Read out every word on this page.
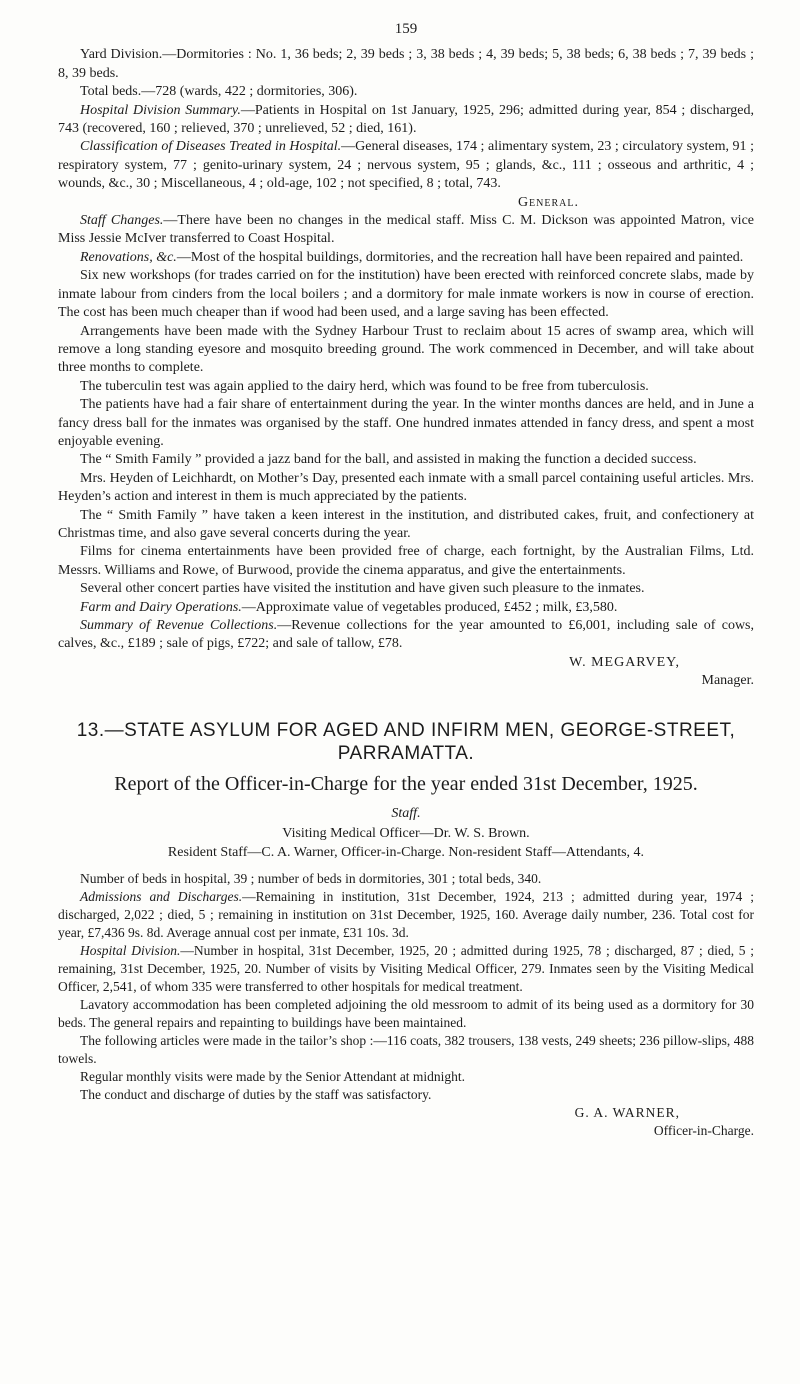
159

Yard Division.—Dormitories : No. 1, 36 beds; 2, 39 beds ; 3, 38 beds ; 4, 39 beds; 5, 38 beds; 6, 38 beds ; 7, 39 beds ; 8, 39 beds.

Total beds.—728 (wards, 422 ; dormitories, 306).

Hospital Division Summary.—Patients in Hospital on 1st January, 1925, 296; admitted during year, 854 ; discharged, 743 (recovered, 160 ; relieved, 370 ; unrelieved, 52 ; died, 161).

Classification of Diseases Treated in Hospital.—General diseases, 174 ; alimentary system, 23 ; circulatory system, 91 ; respiratory system, 77 ; genito-urinary system, 24 ; nervous system, 95 ; glands, &c., 111 ; osseous and arthritic, 4 ; wounds, &c., 30 ; Miscellaneous, 4 ; old-age, 102 ; not specified, 8 ; total, 743.

General.

Staff Changes.—There have been no changes in the medical staff. Miss C. M. Dickson was appointed Matron, vice Miss Jessie McIver transferred to Coast Hospital.

Renovations, &c.—Most of the hospital buildings, dormitories, and the recreation hall have been repaired and painted.

Six new workshops (for trades carried on for the institution) have been erected with reinforced concrete slabs, made by inmate labour from cinders from the local boilers ; and a dormitory for male inmate workers is now in course of erection. The cost has been much cheaper than if wood had been used, and a large saving has been effected.

Arrangements have been made with the Sydney Harbour Trust to reclaim about 15 acres of swamp area, which will remove a long standing eyesore and mosquito breeding ground. The work commenced in December, and will take about three months to complete.

The tuberculin test was again applied to the dairy herd, which was found to be free from tuberculosis.

The patients have had a fair share of entertainment during the year. In the winter months dances are held, and in June a fancy dress ball for the inmates was organised by the staff. One hundred inmates attended in fancy dress, and spent a most enjoyable evening.

The “ Smith Family ” provided a jazz band for the ball, and assisted in making the function a decided success.

Mrs. Heyden of Leichhardt, on Mother’s Day, presented each inmate with a small parcel containing useful articles. Mrs. Heyden’s action and interest in them is much appreciated by the patients.

The “ Smith Family ” have taken a keen interest in the institution, and distributed cakes, fruit, and confectionery at Christmas time, and also gave several concerts during the year.

Films for cinema entertainments have been provided free of charge, each fortnight, by the Australian Films, Ltd. Messrs. Williams and Rowe, of Burwood, provide the cinema apparatus, and give the entertainments.

Several other concert parties have visited the institution and have given such pleasure to the inmates.

Farm and Dairy Operations.—Approximate value of vegetables produced, £452 ; milk, £3,580.

Summary of Revenue Collections.—Revenue collections for the year amounted to £6,001, including sale of cows, calves, &c., £189 ; sale of pigs, £722; and sale of tallow, £78.

W. MEGARVEY,

Manager.

13.—STATE ASYLUM FOR AGED AND INFIRM MEN, GEORGE-STREET,
PARRAMATTA.
Report of the Officer-in-Charge for the year ended 31st December, 1925.
Staff.

Visiting Medical Officer—Dr. W. S. Brown.

Resident Staff—C. A. Warner, Officer-in-Charge. Non-resident Staff—Attendants, 4.

Number of beds in hospital, 39 ; number of beds in dormitories, 301 ; total beds, 340.

Admissions and Discharges.—Remaining in institution, 31st December, 1924, 213 ; admitted during year, 1974 ; discharged, 2,022 ; died, 5 ; remaining in institution on 31st December, 1925, 160. Average daily number, 236. Total cost for year, £7,436 9s. 8d. Average annual cost per inmate, £31 10s. 3d.

Hospital Division.—Number in hospital, 31st December, 1925, 20 ; admitted during 1925, 78 ; discharged, 87 ; died, 5 ; remaining, 31st December, 1925, 20. Number of visits by Visiting Medical Officer, 279. Inmates seen by the Visiting Medical Officer, 2,541, of whom 335 were transferred to other hospitals for medical treatment.

Lavatory accommodation has been completed adjoining the old messroom to admit of its being used as a dormitory for 30 beds. The general repairs and repainting to buildings have been maintained.

The following articles were made in the tailor’s shop :—116 coats, 382 trousers, 138 vests, 249 sheets; 236 pillow-slips, 488 towels.

Regular monthly visits were made by the Senior Attendant at midnight.

The conduct and discharge of duties by the staff was satisfactory.

G. A. WARNER,

Officer-in-Charge.
